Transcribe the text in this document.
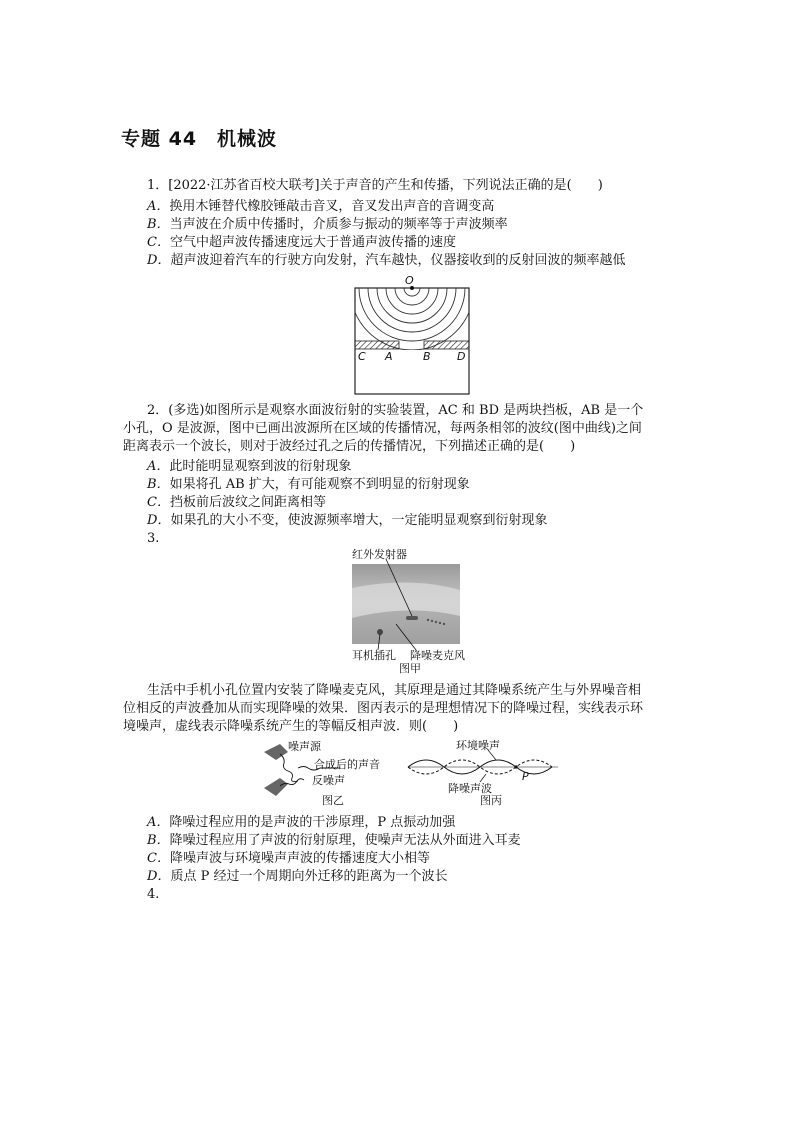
专题 44　机械波
1．[2022·江苏省百校大联考]关于声音的产生和传播，下列说法正确的是(　　)
A．换用木锤替代橡胶锤敲击音叉，音叉发出声音的音调变高
B．当声波在介质中传播时，介质参与振动的频率等于声波频率
C．空气中超声波传播速度远大于普通声波传播的速度
D．超声波迎着汽车的行驶方向发射，汽车越快，仪器接收到的反射回波的频率越低
O
C A	B D
2．(多选)如图所示是观察水面波衍射的实验装置，AC 和 BD 是两块挡板，AB 是一个
小孔，O 是波源，图中已画出波源所在区域的传播情况，每两条相邻的波纹(图中曲线)之间
距离表示一个波长，则对于波经过孔之后的传播情况，下列描述正确的是(　　)
A．此时能明显观察到波的衍射现象
B．如果将孔 AB 扩大，有可能观察不到明显的衍射现象
C．挡板前后波纹之间距离相等
D．如果孔的大小不变，使波源频率增大，一定能明显观察到衍射现象
3.
红外发射器
耳机插孔 降噪麦克风
图甲
生活中手机小孔位置内安装了降噪麦克风，其原理是通过其降噪系统产生与外界噪音相
位相反的声波叠加从而实现降噪的效果．图丙表示的是理想情况下的降噪过程，实线表示环
境噪声，虚线表示降噪系统产生的等幅反相声波．则(　　)
噪声源
合成后的声音
反噪声
图乙
环境噪声
降噪声波
P
图丙
A．降噪过程应用的是声波的干涉原理，P 点振动加强
B．降噪过程应用了声波的衍射原理，使噪声无法从外面进入耳麦
C．降噪声波与环境噪声声波的传播速度大小相等
D．质点 P 经过一个周期向外迁移的距离为一个波长
4.
